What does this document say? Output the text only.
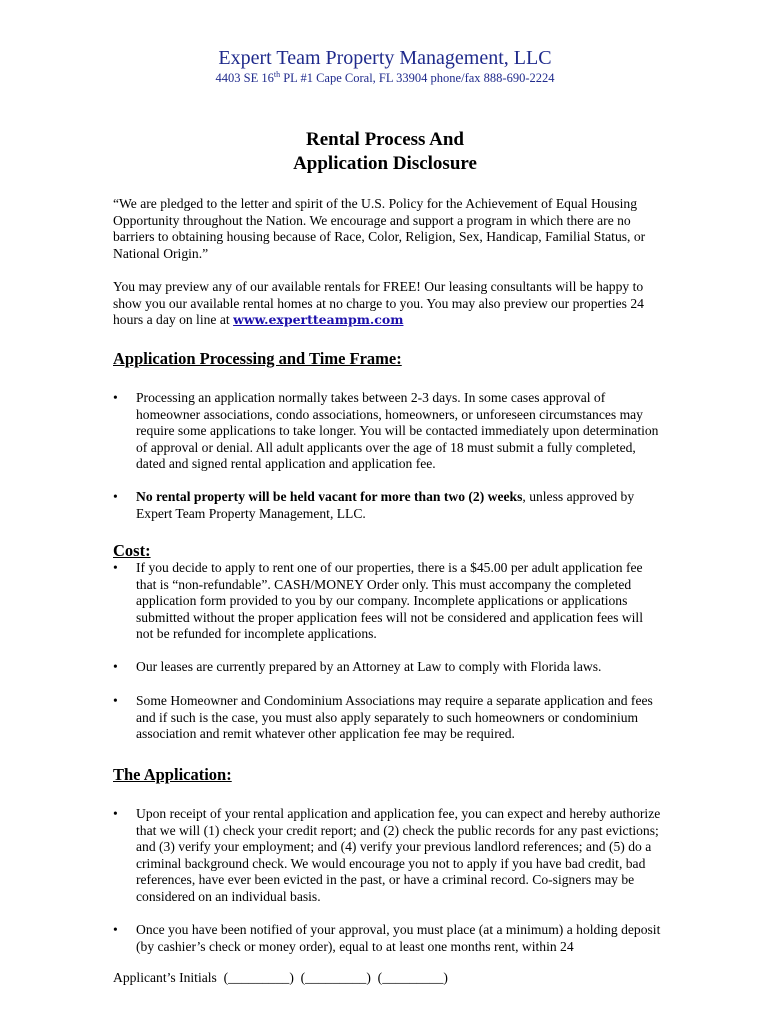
Expert Team Property Management, LLC
4403 SE 16th PL #1 Cape Coral, FL 33904 phone/fax 888-690-2224
Rental Process And
Application Disclosure

“We are pledged to the letter and spirit of the U.S. Policy for the Achievement of Equal Housing Opportunity throughout the Nation. We encourage and support a program in which there are no barriers to obtaining housing because of Race, Color, Religion, Sex, Handicap, Familial Status, or National Origin.”

You may preview any of our available rentals for FREE! Our leasing consultants will be happy to show you our available rental homes at no charge to you. You may also preview our properties 24 hours a day on line at www.expertteampm.com

Application Processing and Time Frame:
• Processing an application normally takes between 2-3 days. In some cases approval of homeowner associations, condo associations, homeowners, or unforeseen circumstances may require some applications to take longer. You will be contacted immediately upon determination of approval or denial. All adult applicants over the age of 18 must submit a fully completed, dated and signed rental application and application fee.
• No rental property will be held vacant for more than two (2) weeks, unless approved by Expert Team Property Management, LLC.
Cost:
• If you decide to apply to rent one of our properties, there is a $45.00 per adult application fee that is “non-refundable”. CASH/MONEY Order only. This must accompany the completed application form provided to you by our company. Incomplete applications or applications submitted without the proper application fees will not be considered and application fees will not be refunded for incomplete applications.
• Our leases are currently prepared by an Attorney at Law to comply with Florida laws.
• Some Homeowner and Condominium Associations may require a separate application and fees and if such is the case, you must also apply separately to such homeowners or condominium association and remit whatever other application fee may be required.
The Application:
• Upon receipt of your rental application and application fee, you can expect and hereby authorize that we will (1) check your credit report; and (2) check the public records for any past evictions; and (3) verify your employment; and (4) verify your previous landlord references; and (5) do a criminal background check. We would encourage you not to apply if you have bad credit, bad references, have ever been evicted in the past, or have a criminal record. Co-signers may be considered on an individual basis.
• Once you have been notified of your approval, you must place (at a minimum) a holding deposit (by cashier’s check or money order), equal to at least one months rent, within 24
Applicant’s Initials  (_________)  (_________)  (_________)
